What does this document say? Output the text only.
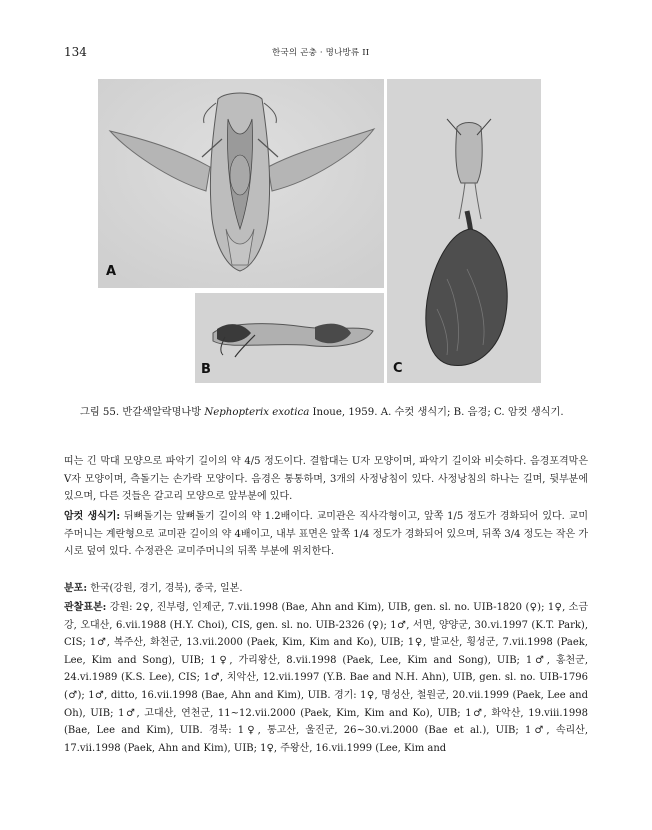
134	한국의 곤충 · 명나방류 II
A
B	C
그림 55. 반갈색알락명나방 Nephopterix exotica Inoue, 1959. A. 수컷 생식기; B. 음경; C. 암컷 생식기.
띠는 긴 막대 모양으로 파악기 길이의 약 4/5 정도이다. 결합대는 U자 모양이며, 파악기 길이와 비슷하다. 음경포격막은 V자 모양이며, 측돌기는 손가락 모양이다. 음경은 통통하며, 3개의 사정낭침이 있다. 사정낭침의 하나는 길며, 뒷부분에 있으며, 다른 것들은 갈고리 모양으로 앞부분에 있다.
암컷 생식기: 뒤뼈돌기는 앞뼈돌기 길이의 약 1.2배이다. 교미관은 직사각형이고, 앞쪽 1/5 정도가 경화되어 있다. 교미주머니는 계란형으로 교미관 길이의 약 4배이고, 내부 표면은 앞쪽 1/4 정도가 경화되어 있으며, 뒤쪽 3/4 정도는 작은 가시로 덮여 있다. 수정관은 교미주머니의 뒤쪽 부분에 위치한다.
분포: 한국(강원, 경기, 경북), 중국, 일본.
관찰표본: 강원: 2♀, 진부령, 인제군, 7.vii.1998 (Bae, Ahn and Kim), UIB, gen. sl. no. UIB-1820 (♀); 1♀, 소금강, 오대산, 6.vii.1988 (H.Y. Choi), CIS, gen. sl. no. UIB-2326 (♀); 1♂, 서면, 양양군, 30.vi.1997 (K.T. Park), CIS; 1♂, 복주산, 화천군, 13.vii.2000 (Paek, Kim, Kim and Ko), UIB; 1♀, 발교산, 횡성군, 7.vii.1998 (Paek, Lee, Kim and Song), UIB; 1♀, 가리왕산, 8.vii.1998 (Paek, Lee, Kim and Song), UIB; 1♂, 홍천군, 24.vi.1989 (K.S. Lee), CIS; 1♂, 치악산, 12.vii.1997 (Y.B. Bae and N.H. Ahn), UIB, gen. sl. no. UIB-1796 (♂); 1♂, ditto, 16.vii.1998 (Bae, Ahn and Kim), UIB. 경기: 1♀, 명성산, 철원군, 20.vii.1999 (Paek, Lee and Oh), UIB; 1♂, 고대산, 연천군, 11~12.vii.2000 (Paek, Kim, Kim and Ko), UIB; 1♂, 화악산, 19.viii.1998 (Bae, Lee and Kim), UIB. 경북: 1♀, 통고산, 울진군, 26~30.vi.2000 (Bae et al.), UIB; 1♂, 속리산, 17.vii.1998 (Paek, Ahn and Kim), UIB; 1♀, 주왕산, 16.vii.1999 (Lee, Kim and
